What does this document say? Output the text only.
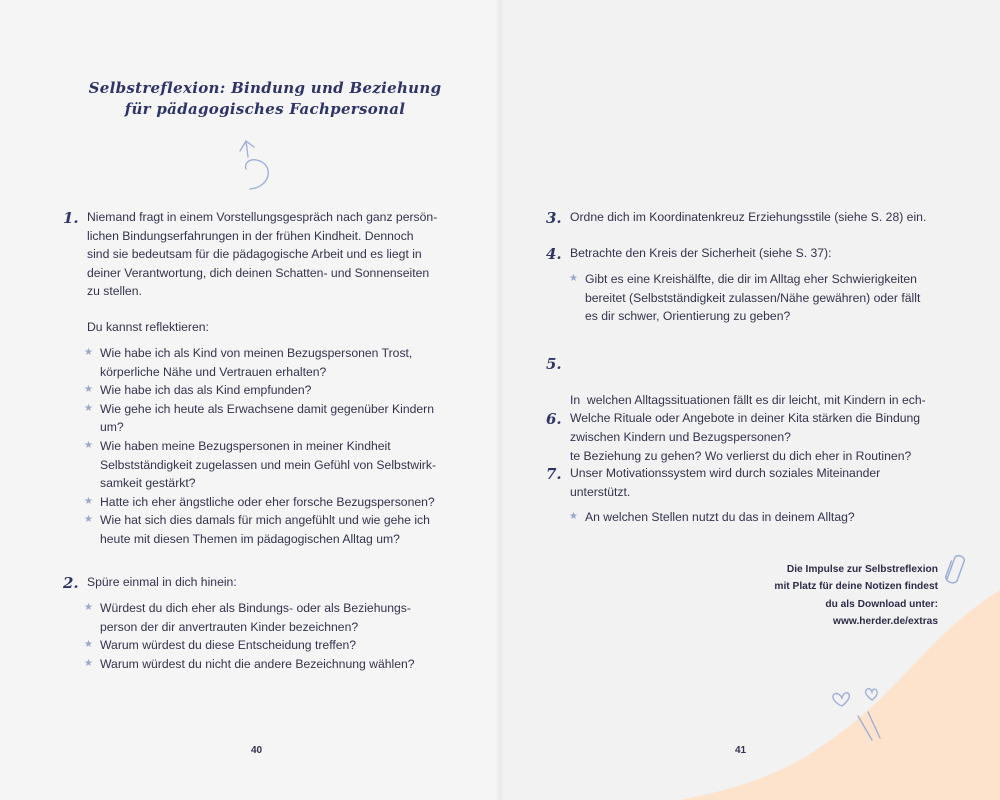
Selbstreflexion: Bindung und Beziehung
für pädagogisches Fachpersonal
1. Niemand fragt in einem Vorstellungsgespräch nach ganz persön-
lichen Bindungserfahrungen in der frühen Kindheit. Dennoch
sind sie bedeutsam für die pädagogische Arbeit und es liegt in
deiner Verantwortung, dich deinen Schatten- und Sonnenseiten
zu stellen.
Du kannst reflektieren:
★ Wie habe ich als Kind von meinen Bezugspersonen Trost,
körperliche Nähe und Vertrauen erhalten?
★ Wie habe ich das als Kind empfunden?
★ Wie gehe ich heute als Erwachsene damit gegenüber Kindern
um?
★ Wie haben meine Bezugspersonen in meiner Kindheit
Selbstständigkeit zugelassen und mein Gefühl von Selbstwirk-
samkeit gestärkt?
★ Hatte ich eher ängstliche oder eher forsche Bezugspersonen?
★ Wie hat sich dies damals für mich angefühlt und wie gehe ich
heute mit diesen Themen im pädagogischen Alltag um?
2. Spüre einmal in dich hinein:
★ Würdest du dich eher als Bindungs- oder als Beziehungs-
person der dir anvertrauten Kinder bezeichnen?
★ Warum würdest du diese Entscheidung treffen?
★ Warum würdest du nicht die andere Bezeichnung wählen?
40
3. Ordne dich im Koordinatenkreuz Erziehungsstile (siehe S. 28) ein.
4. Betrachte den Kreis der Sicherheit (siehe S. 37):
★ Gibt es eine Kreishälfte, die dir im Alltag eher Schwierigkeiten
bereitet (Selbstständigkeit zulassen/Nähe gewähren) oder fällt
es dir schwer, Orientierung zu geben?
5.

In  welchen Alltagssituationen fällt es dir leicht, mit Kindern in ech-

te Beziehung zu gehen? Wo verlierst du dich eher in Routinen?

6. Welche Rituale oder Angebote in deiner Kita stärken die Bindung
zwischen Kindern und Bezugspersonen?
7. Unser Motivationssystem wird durch soziales Miteinander
unterstützt.
★ An welchen Stellen nutzt du das in deinem Alltag?
Die Impulse zur Selbstreflexion
mit Platz für deine Notizen findest
du als Download unter:
www.herder.de/extras
41
